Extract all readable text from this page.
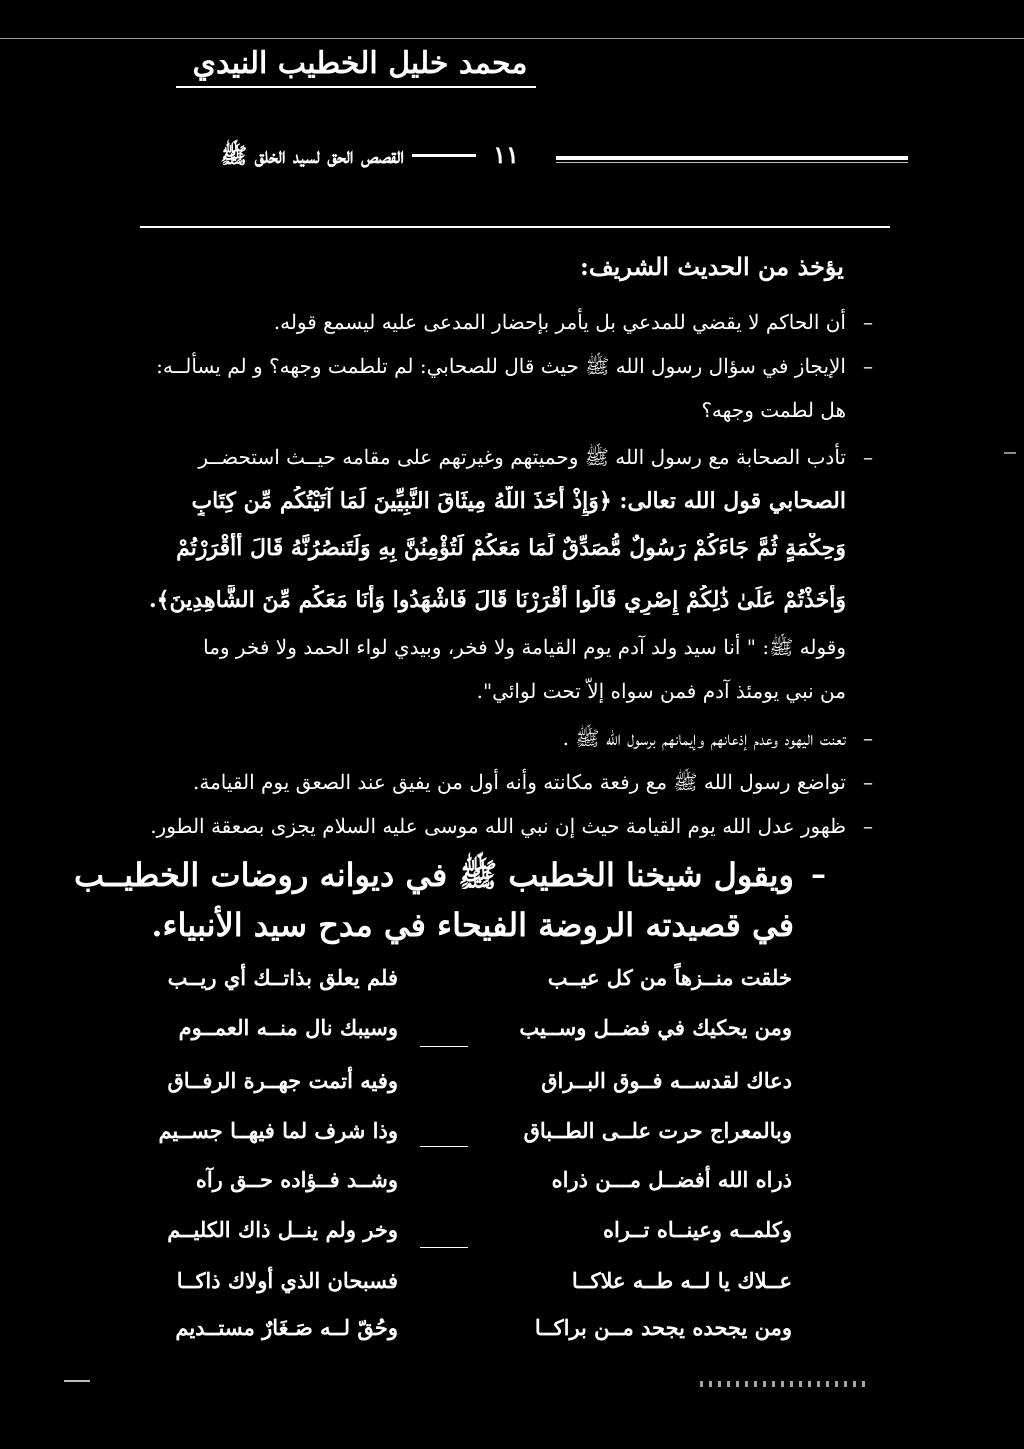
محمد خليل الخطيب النيدي
القصص الحق لسيد الخلق ﷺ	١١
يؤخذ من الحديث الشريف:
–
أن الحاكم لا يقضي للمدعي بل يأمر بإحضار المدعى عليه ليسمع قوله.
–
الإيجاز في سؤال رسول الله ﷺ حيث قال للصحابي: لم تلطمت وجهه؟ و لم يسألــه:
هل لطمت وجهه؟
–
تأدب الصحابة مع رسول الله ﷺ وحميتهم وغيرتهم على مقامه حيــث استحضــر
الصحابي قول الله تعالى: ﴿وَإِذْ أَخَذَ اللَّهُ مِيثَاقَ النَّبِيِّينَ لَمَا آتَيْتُكُم مِّن كِتَابٍ
وَحِكْمَةٍ ثُمَّ جَاءَكُمْ رَسُولٌ مُّصَدِّقٌ لِّمَا مَعَكُمْ لَتُؤْمِنُنَّ بِهِ وَلَتَنصُرُنَّهُ قَالَ أَأَقْرَرْتُمْ
وَأَخَذْتُمْ عَلَىٰ ذَٰلِكُمْ إِصْرِي قَالُوا أَقْرَرْنَا قَالَ فَاشْهَدُوا وَأَنَا مَعَكُم مِّنَ الشَّاهِدِينَ﴾.
وقوله ﷺ: " أنا سيد ولد آدم يوم القيامة ولا فخر، وبيدي لواء الحمد ولا فخر وما
من نبي يومئذ آدم فمن سواه إلاّ تحت لوائي".
–
تعنت اليهود وعدم إذعانهم وإيمانهم برسول الله ﷺ .
–
تواضع رسول الله ﷺ مع رفعة مكانته وأنه أول من يفيق عند الصعق يوم القيامة.
–
ظهور عدل الله يوم القيامة حيث إن نبي الله موسى عليه السلام يجزى بصعقة الطور.
–
ويقول شيخنا الخطيب ﷺ في ديوانه روضات الخطيــب
في قصيدته الروضة الفيحاء في مدح سيد الأنبياء.
خلقت منــزهاً من كل عيــب
فلم يعلق بذاتــك أي ريــب
ومن يحكيك في فضــل وســيب
وسيبك نال منــه العمــوم
دعاك لقدســه فــوق البــراق
وفيه أتمت جهــرة الرفــاق
وبالمعراج حرت علــى الطــباق
وذا شرف لما فيهــا جســيم
ذراه الله أفضــل مـــن ذراه
وشــد فــؤاده حــق رآه
وكلمــه وعينــاه تــراه
وخر ولم ينــل ذاك الكليــم
عــلاك يا لــه طــه علاكــا
فسبحان الذي أولاك ذاكــا
ومن يجحده يجحد مــن براكــا
وحُقّ لــه صَـغَارٌ مستــديم
